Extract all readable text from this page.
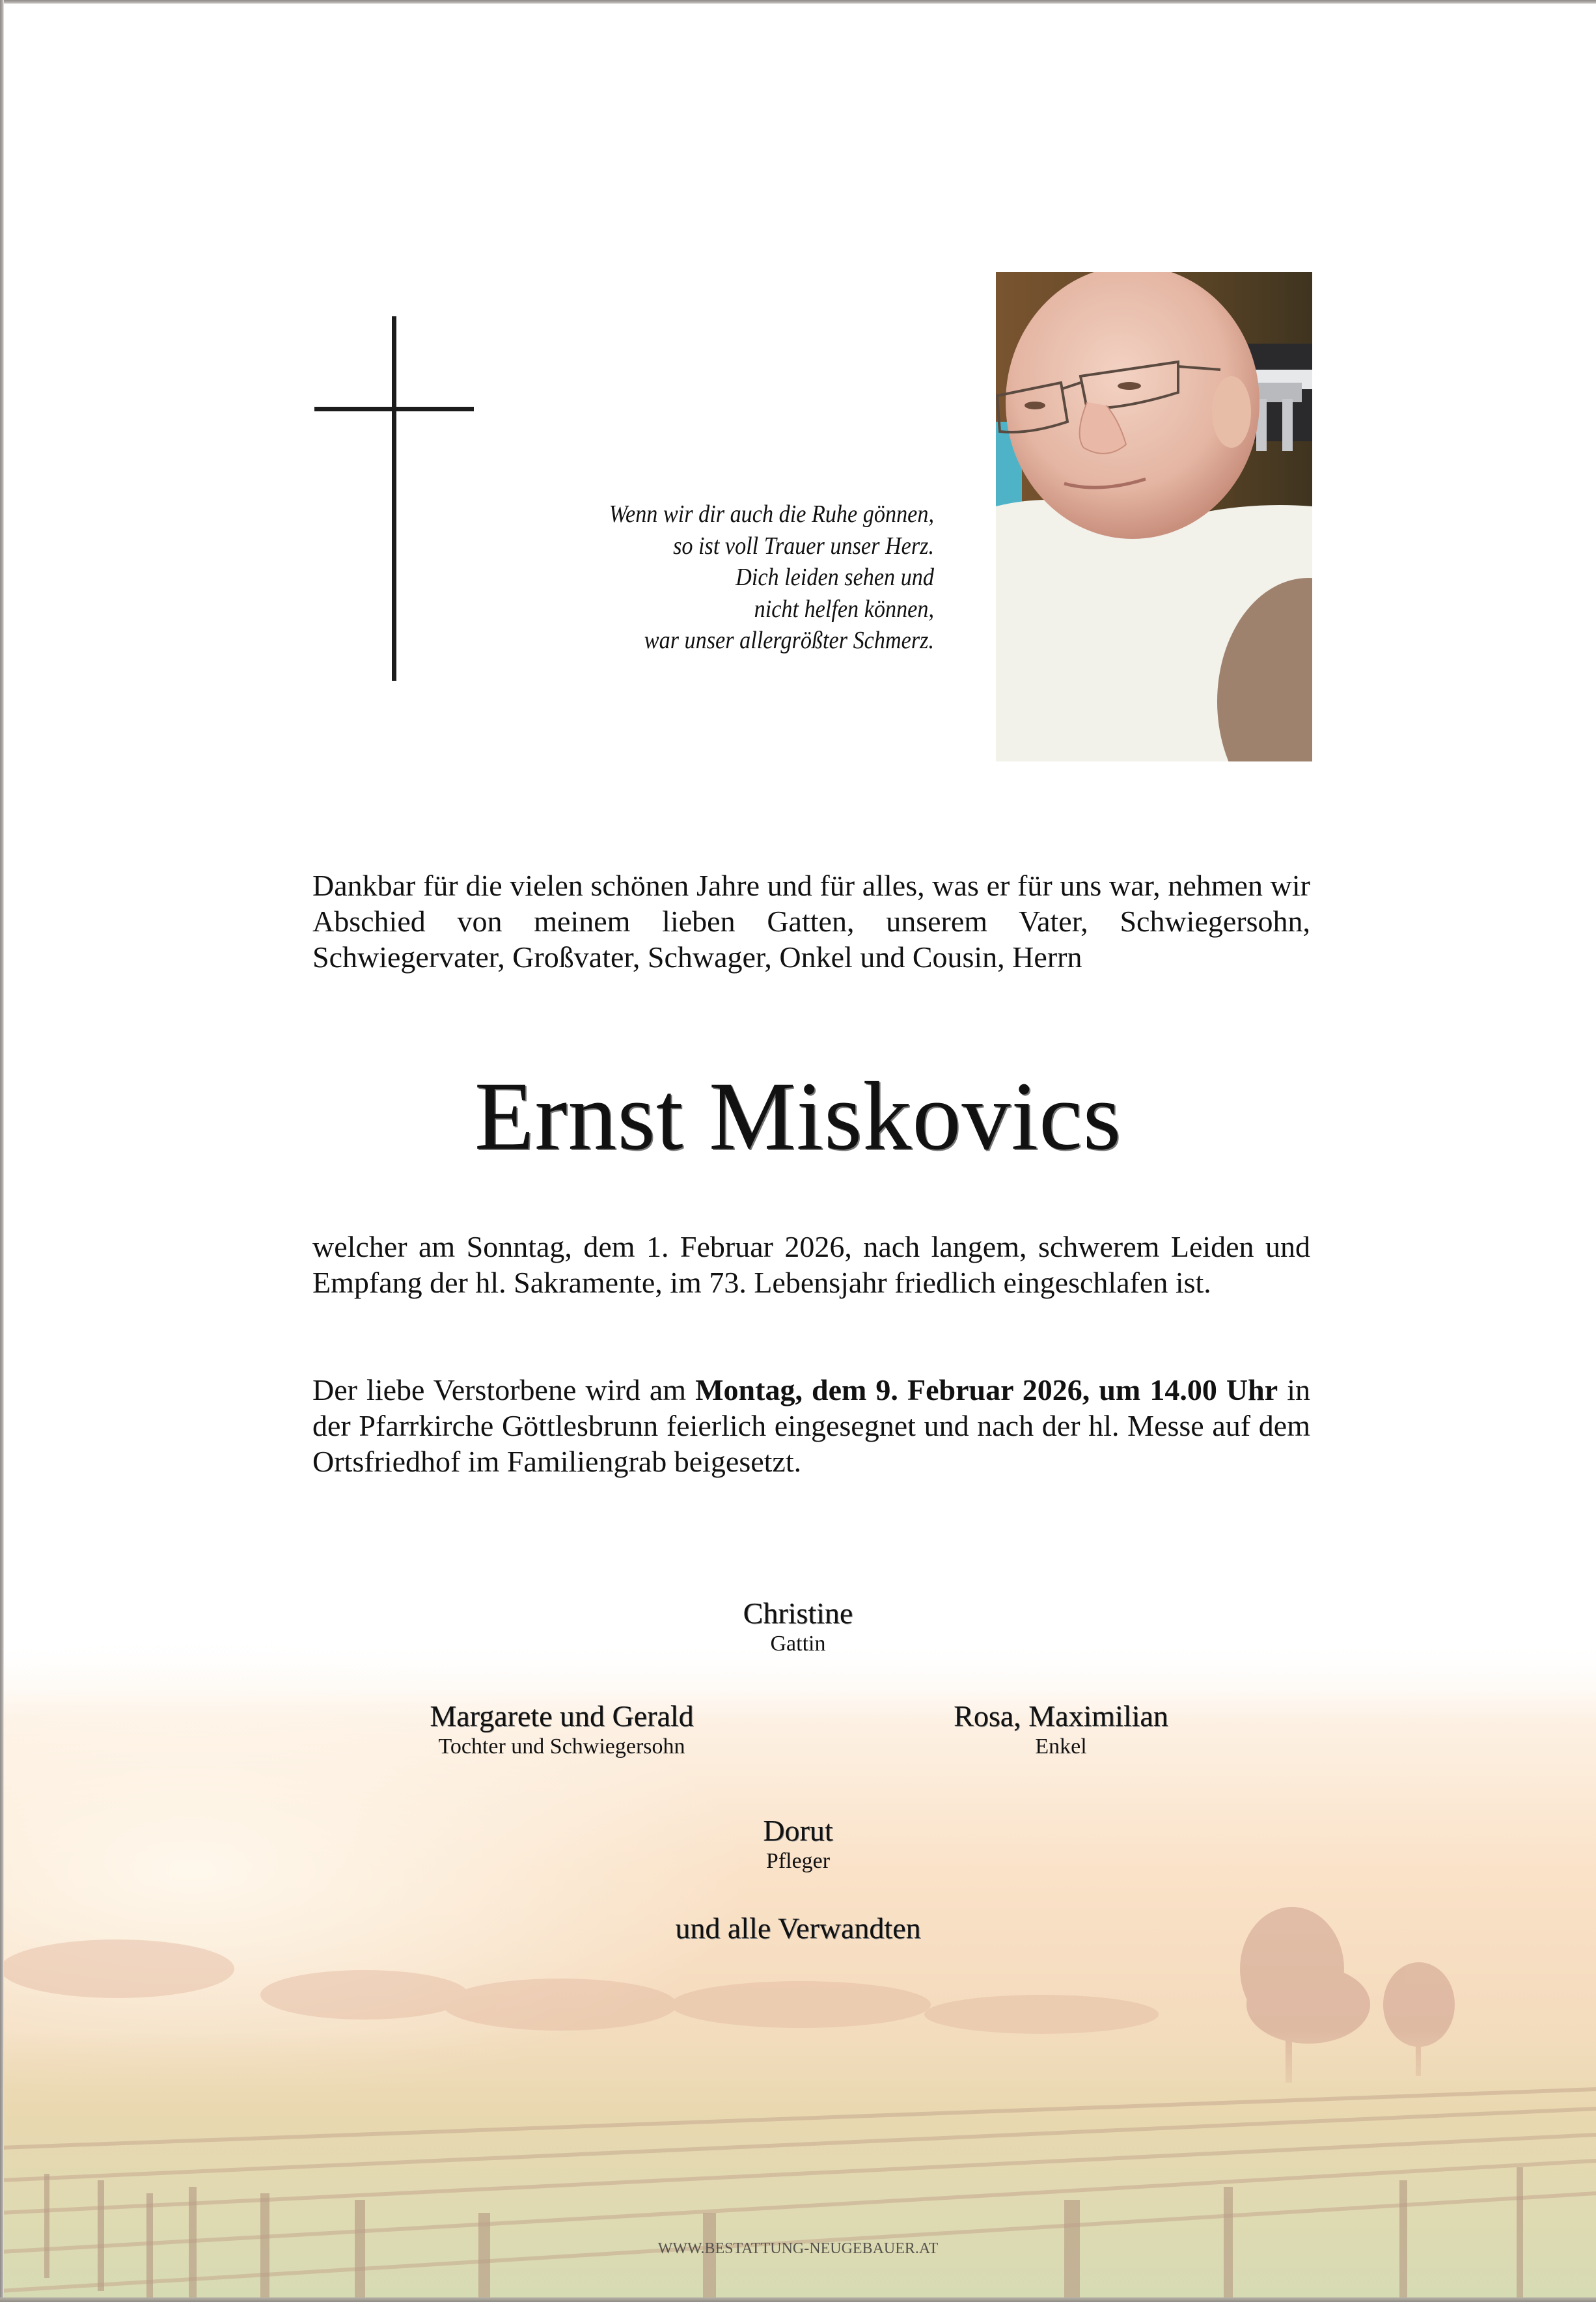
Wenn wir dir auch die Ruhe gönnen,
so ist voll Trauer unser Herz.
Dich leiden sehen und
nicht helfen können,
war unser allergrößter Schmerz.
Dankbar für die vielen schönen Jahre und für alles, was er für uns war, nehmen wir Abschied von meinem lieben Gatten, unserem Vater, Schwiegersohn, Schwiegervater, Großvater, Schwager, Onkel und Cousin, Herrn
Ernst Miskovics
welcher am Sonntag, dem 1. Februar 2026, nach langem, schwerem Leiden und Empfang der hl. Sakramente, im 73. Lebensjahr friedlich eingeschlafen ist.
Der liebe Verstorbene wird am Montag, dem 9. Februar 2026, um 14.00 Uhr in der Pfarrkirche Göttlesbrunn feierlich eingesegnet und nach der hl. Messe auf dem Ortsfriedhof im Familiengrab beigesetzt.
Christine
Gattin
Margarete und Gerald
Tochter und Schwiegersohn
Rosa, Maximilian
Enkel
Dorut
Pfleger
und alle Verwandten
WWW.BESTATTUNG-NEUGEBAUER.AT
